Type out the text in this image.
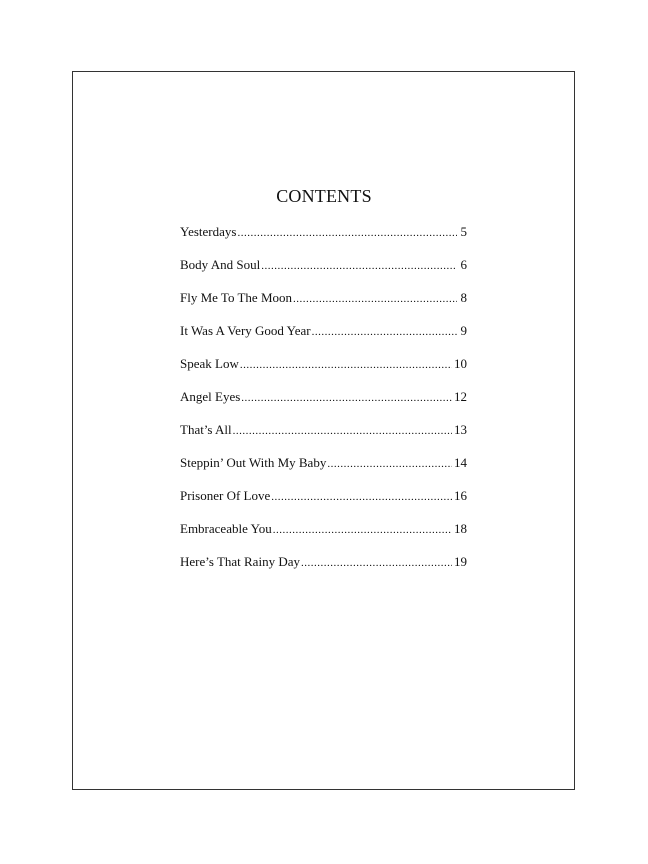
CONTENTS
Yesterdays .....	5
Body And Soul .....	6
Fly Me To The Moon .....	8
It Was A Very Good Year .....	9
Speak Low .....	10
Angel Eyes .....	12
That’s All .....	13
Steppin’ Out With My Baby .....	14
Prisoner Of Love .....	16
Embraceable You .....	18
Here’s That Rainy Day .....	19
